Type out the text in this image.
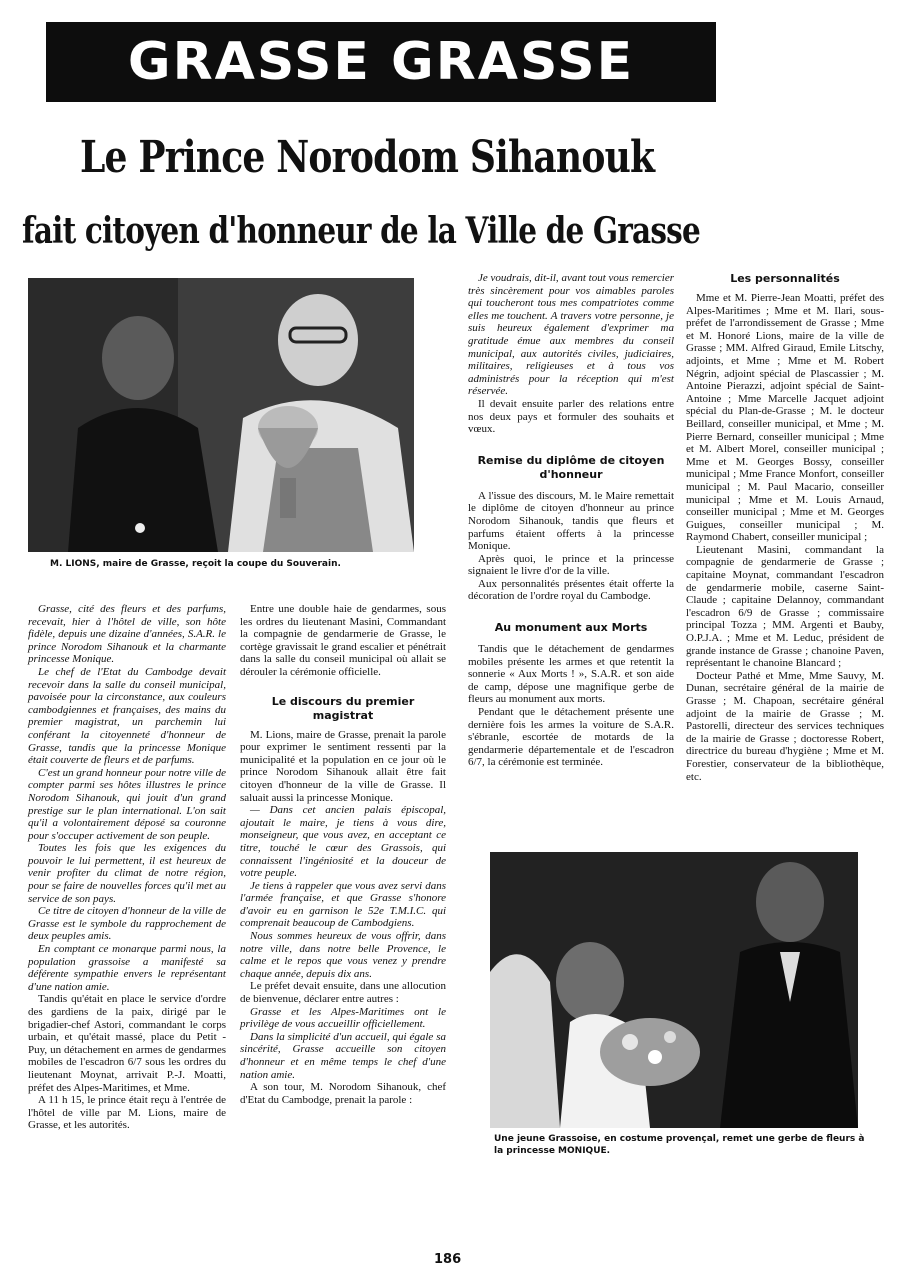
GRASSE GRASSE
Le Prince Norodom Sihanouk
fait citoyen d'honneur de la Ville de Grasse
M. LIONS, maire de Grasse, reçoit la coupe du Souverain.

Grasse, cité des fleurs et des parfums, recevait, hier à l'hôtel de ville, son hôte fidèle, depuis une dizaine d'années, S.A.R. le prince Norodom Sihanouk et la charmante princesse Monique.

Le chef de l'Etat du Cambodge devait recevoir dans la salle du conseil municipal, pavoisée pour la circonstance, aux couleurs cambodgiennes et françaises, des mains du premier magistrat, un parchemin lui conférant la citoyenneté d'honneur de Grasse, tandis que la princesse Monique était couverte de fleurs et de parfums.

C'est un grand honneur pour notre ville de compter parmi ses hôtes illustres le prince Norodom Sihanouk, qui jouit d'un grand prestige sur le plan international. L'on sait qu'il a volontairement déposé sa couronne pour s'occuper activement de son peuple.

Toutes les fois que les exigences du pouvoir le lui permettent, il est heureux de venir profiter du climat de notre région, pour se faire de nouvelles forces qu'il met au service de son pays.

Ce titre de citoyen d'honneur de la ville de Grasse est le symbole du rapprochement de deux peuples amis.

En comptant ce monarque parmi nous, la population grassoise a manifesté sa déférente sympathie envers le représentant d'une nation amie.

Tandis qu'était en place le service d'ordre des gardiens de la paix, dirigé par le brigadier-chef Astori, commandant le corps urbain, et qu'était massé, place du Petit - Puy, un détachement en armes de gendarmes mobiles de l'escadron 6/7 sous les ordres du lieutenant Moynat, arrivait P.-J. Moatti, préfet des Alpes-Maritimes, et Mme.

A 11 h 15, le prince était reçu à l'entrée de l'hôtel de ville par M. Lions, maire de Grasse, et les autorités.

Entre une double haie de gendarmes, sous les ordres du lieutenant Masini, Commandant la compagnie de gendarmerie de Grasse, le cortège gravissait le grand escalier et pénétrait dans la salle du conseil municipal où allait se dérouler la cérémonie officielle.

Le discours du premier magistrat

M. Lions, maire de Grasse, prenait la parole pour exprimer le sentiment ressenti par la municipalité et la population en ce jour où le prince Norodom Sihanouk allait être fait citoyen d'honneur de la ville de Grasse. Il saluait aussi la princesse Monique.

— Dans cet ancien palais épiscopal, ajoutait le maire, je tiens à vous dire, monseigneur, que vous avez, en acceptant ce titre, touché le cœur des Grassois, qui connaissent l'ingéniosité et la douceur de votre peuple.

Je tiens à rappeler que vous avez servi dans l'armée française, et que Grasse s'honore d'avoir eu en garnison le 52e T.M.I.C. qui comprenait beaucoup de Cambodgiens.

Nous sommes heureux de vous offrir, dans notre ville, dans notre belle Provence, le calme et le repos que vous venez y prendre chaque année, depuis dix ans.

Le préfet devait ensuite, dans une allocution de bienvenue, déclarer entre autres :

Grasse et les Alpes-Maritimes ont le privilège de vous accueillir officiellement.

Dans la simplicité d'un accueil, qui égale sa sincérité, Grasse accueille son citoyen d'honneur et en même temps le chef d'une nation amie.

A son tour, M. Norodom Sihanouk, chef d'Etat du Cambodge, prenait la parole :

Je voudrais, dit-il, avant tout vous remercier très sincèrement pour vos aimables paroles qui toucheront tous mes compatriotes comme elles me touchent. A travers votre personne, je suis heureux également d'exprimer ma gratitude émue aux membres du conseil municipal, aux autorités civiles, judiciaires, militaires, religieuses et à tous vos administrés pour la réception qui m'est réservée.

Il devait ensuite parler des relations entre nos deux pays et formuler des souhaits et vœux.

Remise du diplôme de citoyen d'honneur

A l'issue des discours, M. le Maire remettait le diplôme de citoyen d'honneur au prince Norodom Sihanouk, tandis que fleurs et parfums étaient offerts à la princesse Monique.

Après quoi, le prince et la princesse signaient le livre d'or de la ville.

Aux personnalités présentes était offerte la décoration de l'ordre royal du Cambodge.

Au monument aux Morts

Tandis que le détachement de gendarmes mobiles présente les armes et que retentit la sonnerie « Aux Morts ! », S.A.R. et son aide de camp, dépose une magnifique gerbe de fleurs au monument aux morts.

Pendant que le détachement présente une dernière fois les armes la voiture de S.A.R. s'ébranle, escortée de motards de la gendarmerie départementale et de l'escadron 6/7, la cérémonie est terminée.

Les personnalités

Mme et M. Pierre-Jean Moatti, préfet des Alpes-Maritimes ; Mme et M. Ilari, sous-préfet de l'arrondissement de Grasse ; Mme et M. Honoré Lions, maire de la ville de Grasse ; MM. Alfred Giraud, Emile Litschy, adjoints, et Mme ; Mme et M. Robert Négrin, adjoint spécial de Plascassier ; M. Antoine Pierazzi, adjoint spécial de Saint-Antoine ; Mme Marcelle Jacquet adjoint spécial du Plan-de-Grasse ; M. le docteur Beillard, conseiller municipal, et Mme ; M. Pierre Bernard, conseiller municipal ; Mme et M. Albert Morel, conseiller municipal ; Mme et M. Georges Bossy, conseiller municipal ; Mme France Monfort, conseiller municipal ; M. Paul Macario, conseiller municipal ; Mme et M. Louis Arnaud, conseiller municipal ; Mme et M. Georges Guigues, conseiller municipal ; M. Raymond Chabert, conseiller municipal ;

Lieutenant Masini, commandant la compagnie de gendarmerie de Grasse ; capitaine Moynat, commandant l'escadron de gendarmerie mobile, caserne Saint-Claude ; capitaine Delannoy, commandant l'escadron 6/9 de Grasse ; commissaire principal Tozza ; MM. Argenti et Bauby, O.P.J.A. ; Mme et M. Leduc, président de grande instance de Grasse ; chanoine Paven, représentant le chanoine Blancard ;

Docteur Pathé et Mme, Mme Sauvy, M. Dunan, secrétaire général de la mairie de Grasse ; M. Chapoan, secrétaire général adjoint de la mairie de Grasse ; M. Pastorelli, directeur des services techniques de la mairie de Grasse ; doctoresse Robert, directrice du bureau d'hygiène ; Mme et M. Forestier, conservateur de la bibliothèque, etc.

Une jeune Grassoise, en costume provençal, remet une gerbe de fleurs à la princesse MONIQUE.
186
